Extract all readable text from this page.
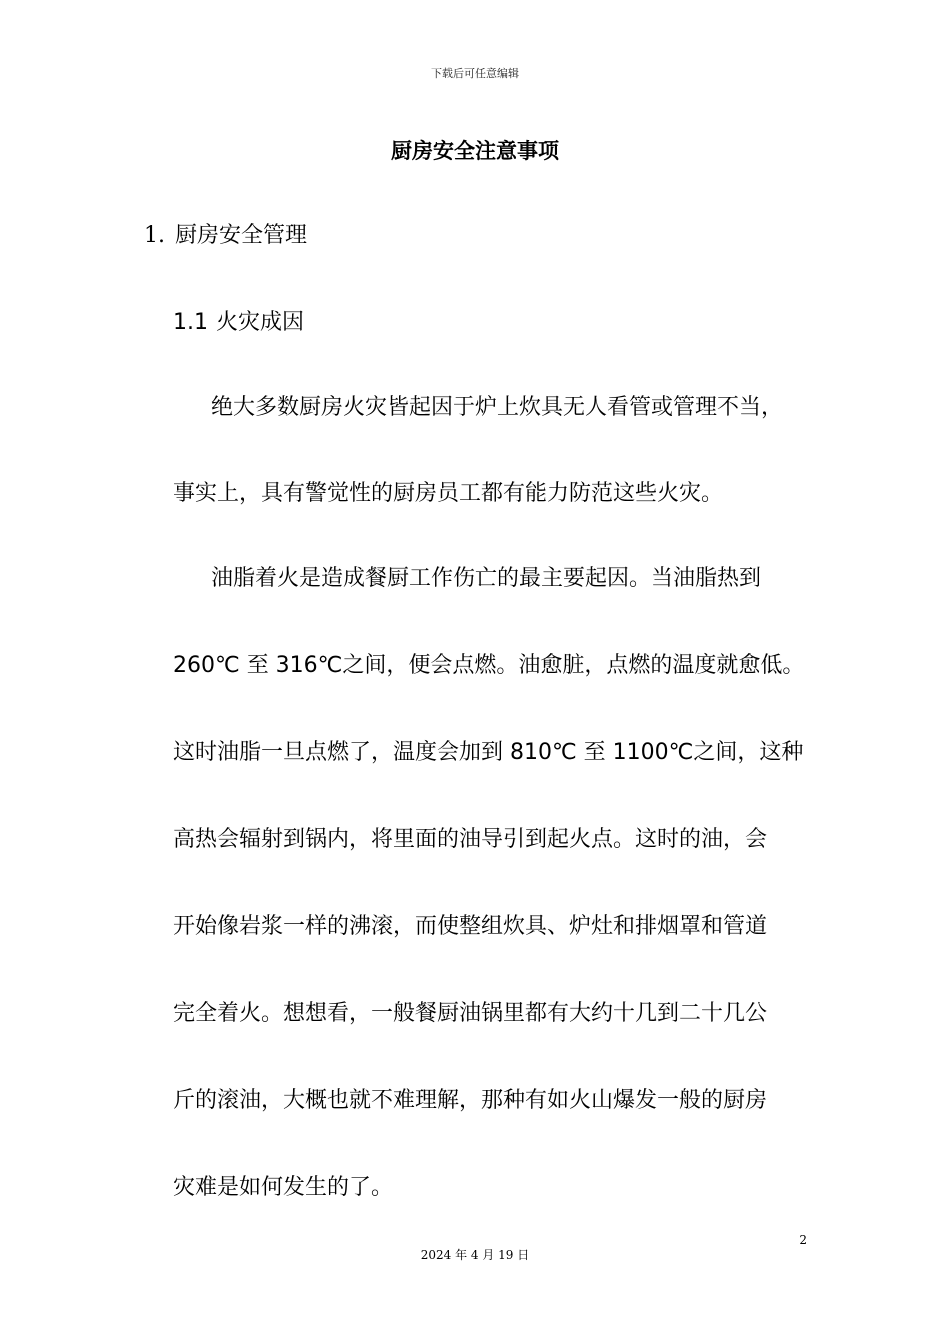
下载后可任意编辑
厨房安全注意事项
1. 厨房安全管理
1.1 火灾成因
绝大多数厨房火灾皆起因于炉上炊具无人看管或管理不当，
事实上，具有警觉性的厨房员工都有能力防范这些火灾。
油脂着火是造成餐厨工作伤亡的最主要起因。当油脂热到
260℃ 至 316℃之间，便会点燃。油愈脏，点燃的温度就愈低。
这时油脂一旦点燃了，温度会加到 810℃ 至 1100℃之间，这种
高热会辐射到锅内，将里面的油导引到起火点。这时的油，会
开始像岩浆一样的沸滚，而使整组炊具、炉灶和排烟罩和管道
完全着火。想想看，一般餐厨油锅里都有大约十几到二十几公
斤的滚油，大概也就不难理解，那种有如火山爆发一般的厨房
灾难是如何发生的了。
2
2024 年 4 月 19 日
